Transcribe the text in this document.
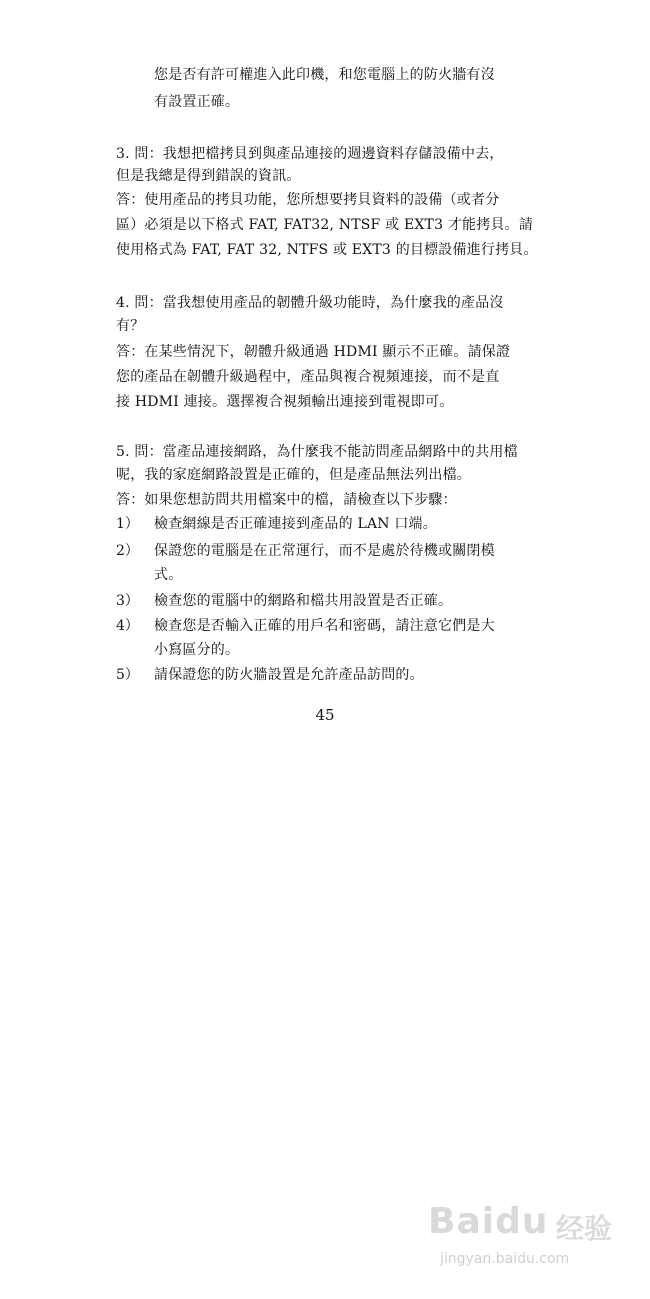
您是否有許可權進入此印機，和您電腦上的防火牆有沒
有設置正確。
3. 問：我想把檔拷貝到與產品連接的週邊資料存儲設備中去，
但是我總是得到錯誤的資訊。
答：使用產品的拷貝功能，您所想要拷貝資料的設備（或者分
區）必須是以下格式 FAT, FAT32, NTSF 或 EXT3 才能拷貝。請
使用格式為 FAT, FAT 32, NTFS 或 EXT3 的目標設備進行拷貝。
4. 問：當我想使用產品的韌體升級功能時，為什麼我的產品沒
有？
答：在某些情況下，韌體升級通過 HDMI 顯示不正確。請保證
您的產品在韌體升級過程中，產品與複合視頻連接，而不是直
接 HDMI 連接。選擇複合視頻輸出連接到電視即可。
5. 問：當產品連接網路，為什麼我不能訪問產品網路中的共用檔
呢，我的家庭網路設置是正確的，但是產品無法列出檔。
答：如果您想訪問共用檔案中的檔，請檢查以下步驟：
1） 檢查網線是否正確連接到產品的 LAN 口端。
2） 保證您的電腦是在正常運行，而不是處於待機或關閉模
式。
3） 檢查您的電腦中的網路和檔共用設置是否正確。
4） 檢查您是否輸入正確的用戶名和密碼，請注意它們是大
小寫區分的。
5） 請保證您的防火牆設置是允許產品訪問的。
45
Baidu 经验
jingyan.baidu.com
